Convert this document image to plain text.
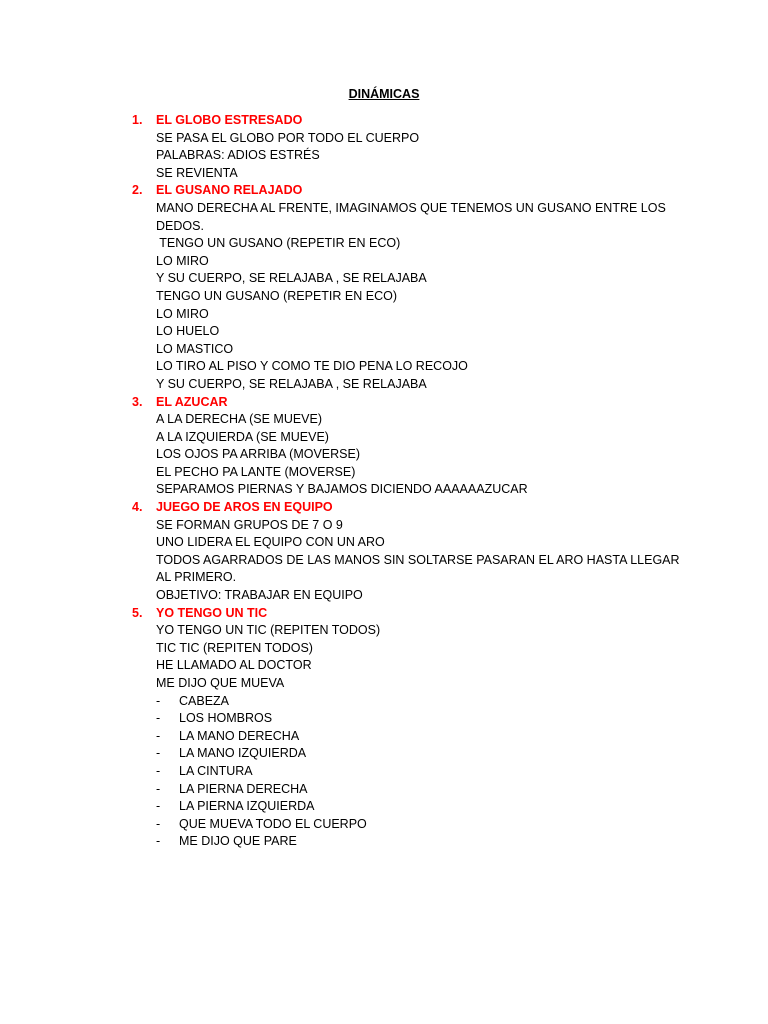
DINÁMICAS
1.	EL GLOBO ESTRESADO
SE PASA EL GLOBO POR TODO EL CUERPO
PALABRAS: ADIOS ESTRÉS
SE REVIENTA
2.	EL GUSANO RELAJADO
MANO DERECHA AL FRENTE, IMAGINAMOS QUE TENEMOS UN GUSANO ENTRE LOS
DEDOS.
TENGO UN GUSANO (REPETIR EN ECO)
LO MIRO
Y SU CUERPO, SE RELAJABA , SE RELAJABA
TENGO UN GUSANO (REPETIR EN ECO)
LO MIRO
LO HUELO
LO MASTICO
LO TIRO AL PISO Y COMO TE DIO PENA LO RECOJO
Y SU CUERPO, SE RELAJABA , SE RELAJABA
3.	EL AZUCAR
A LA DERECHA (SE MUEVE)
A LA IZQUIERDA (SE MUEVE)
LOS OJOS PA ARRIBA (MOVERSE)
EL PECHO PA LANTE (MOVERSE)
SEPARAMOS PIERNAS Y BAJAMOS DICIENDO AAAAAAZUCAR
4.	JUEGO DE AROS EN EQUIPO
SE FORMAN GRUPOS DE 7 O 9
UNO LIDERA EL EQUIPO CON UN ARO
TODOS AGARRADOS DE LAS MANOS SIN SOLTARSE PASARAN EL ARO HASTA LLEGAR
AL PRIMERO.
OBJETIVO: TRABAJAR EN EQUIPO
5.	YO TENGO UN TIC
YO TENGO UN TIC (REPITEN TODOS)
TIC TIC (REPITEN TODOS)
HE LLAMADO AL DOCTOR
ME DIJO QUE MUEVA
-	CABEZA
-	LOS HOMBROS
-	LA MANO DERECHA
-	LA MANO IZQUIERDA
-	LA CINTURA
-	LA PIERNA DERECHA
-	LA PIERNA IZQUIERDA
-	QUE MUEVA TODO EL CUERPO
-	ME DIJO QUE PARE
